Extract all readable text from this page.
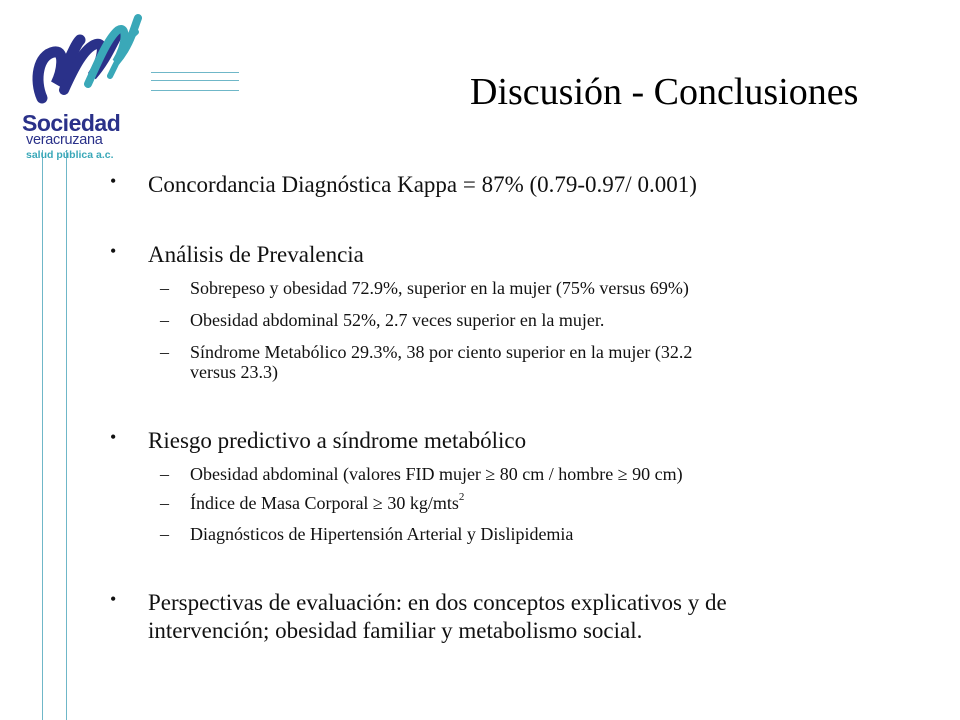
Sociedad
veracruzana
salud pública a.c.
Discusión - Conclusiones
• Concordancia Diagnóstica Kappa = 87% (0.79-0.97/ 0.001)
• Análisis de Prevalencia
– Sobrepeso y obesidad 72.9%, superior en la mujer (75% versus 69%)
– Obesidad abdominal 52%, 2.7 veces superior en la mujer.
– Síndrome Metabólico 29.3%, 38 por ciento superior en la mujer (32.2
versus 23.3)
• Riesgo predictivo a síndrome metabólico
– Obesidad abdominal (valores FID mujer ≥ 80 cm / hombre ≥ 90 cm)
– Índice de Masa Corporal ≥ 30 kg/mts$^2$
– Diagnósticos de Hipertensión Arterial y Dislipidemia
• Perspectivas de evaluación: en dos conceptos explicativos y de
intervención; obesidad familiar y metabolismo social.
